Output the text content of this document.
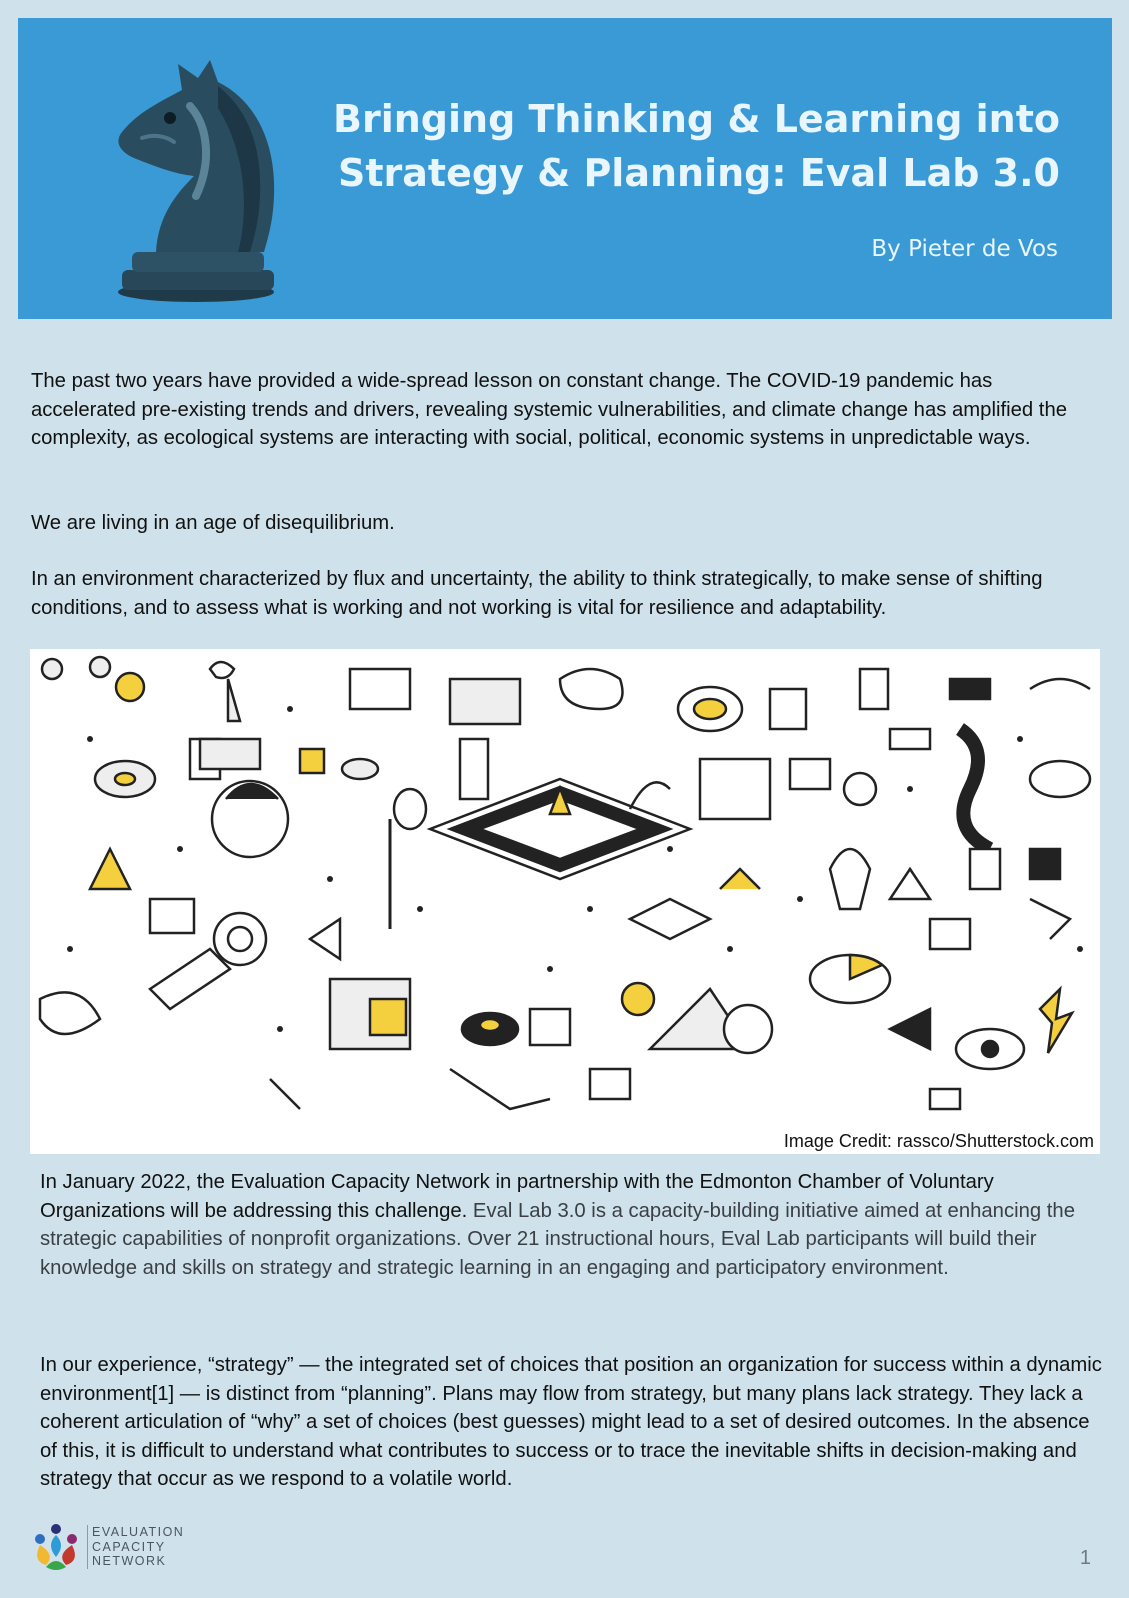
Bringing Thinking & Learning into
Strategy & Planning: Eval Lab 3.0
By Pieter de Vos

The past two years have provided a wide-spread lesson on constant change. The COVID-19 pandemic has accelerated pre-existing trends and drivers, revealing systemic vulnerabilities, and climate change has amplified the complexity, as ecological systems are interacting with social, political, economic systems in unpredictable ways.

We are living in an age of disequilibrium.

In an environment characterized by flux and uncertainty, the ability to think strategically, to make sense of shifting conditions, and to assess what is working and not working is vital for resilience and adaptability.

Image Credit: rassco/Shutterstock.com

In January 2022, the Evaluation Capacity Network in partnership with the Edmonton Chamber of Voluntary Organizations will be addressing this challenge. Eval Lab 3.0 is a capacity-building initiative aimed at enhancing the strategic capabilities of nonprofit organizations. Over 21 instructional hours, Eval Lab participants will build their knowledge and skills on strategy and strategic learning in an engaging and participatory environment.

In our experience, “strategy” — the integrated set of choices that position an organization for success within a dynamic environment[1] — is distinct from “planning”. Plans may flow from strategy, but many plans lack strategy. They lack a coherent articulation of “why” a set of choices (best guesses) might lead to a set of desired outcomes. In the absence of this, it is difficult to understand what contributes to success or to trace the inevitable shifts in decision-making and strategy that occur as we respond to a volatile world.

EVALUATION
CAPACITY
NETWORK	1
